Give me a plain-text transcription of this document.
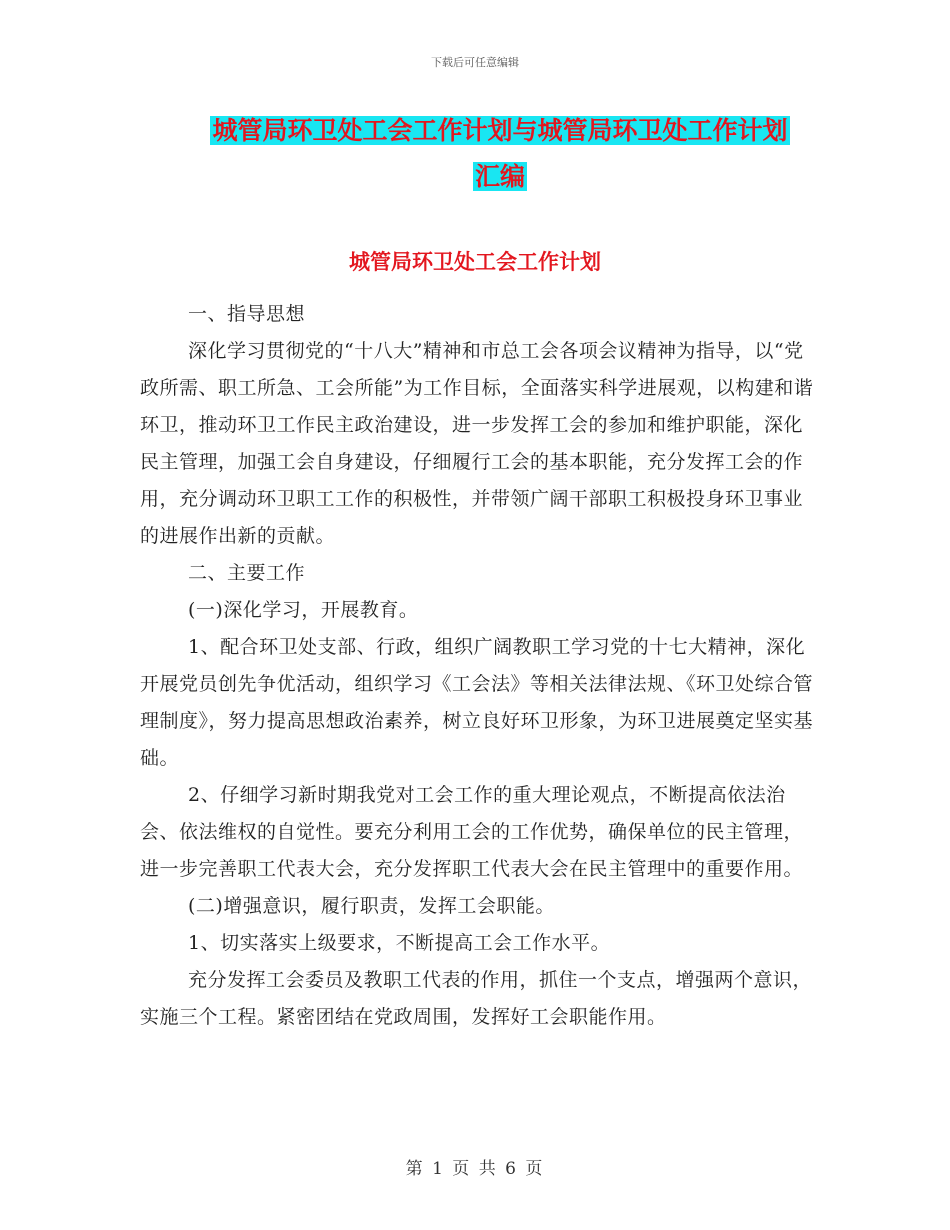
下载后可任意编辑
城管局环卫处工会工作计划与城管局环卫处工作计划
汇编
城管局环卫处工会工作计划

一、指导思想

深化学习贯彻党的“十八大”精神和市总工会各项会议精神为指导，以“党政所需、职工所急、工会所能”为工作目标，全面落实科学进展观，以构建和谐环卫，推动环卫工作民主政治建设，进一步发挥工会的参加和维护职能，深化民主管理，加强工会自身建设，仔细履行工会的基本职能，充分发挥工会的作用，充分调动环卫职工工作的积极性，并带领广阔干部职工积极投身环卫事业的进展作出新的贡献。

二、主要工作

(一)深化学习，开展教育。

1、配合环卫处支部、行政，组织广阔教职工学习党的十七大精神，深化开展党员创先争优活动，组织学习《工会法》等相关法律法规、《环卫处综合管理制度》，努力提高思想政治素养，树立良好环卫形象，为环卫进展奠定坚实基础。

2、仔细学习新时期我党对工会工作的重大理论观点，不断提高依法治会、依法维权的自觉性。要充分利用工会的工作优势，确保单位的民主管理，进一步完善职工代表大会，充分发挥职工代表大会在民主管理中的重要作用。

(二)增强意识，履行职责，发挥工会职能。

1、切实落实上级要求，不断提高工会工作水平。

充分发挥工会委员及教职工代表的作用，抓住一个支点，增强两个意识，实施三个工程。紧密团结在党政周围，发挥好工会职能作用。

第 1 页 共 6 页
